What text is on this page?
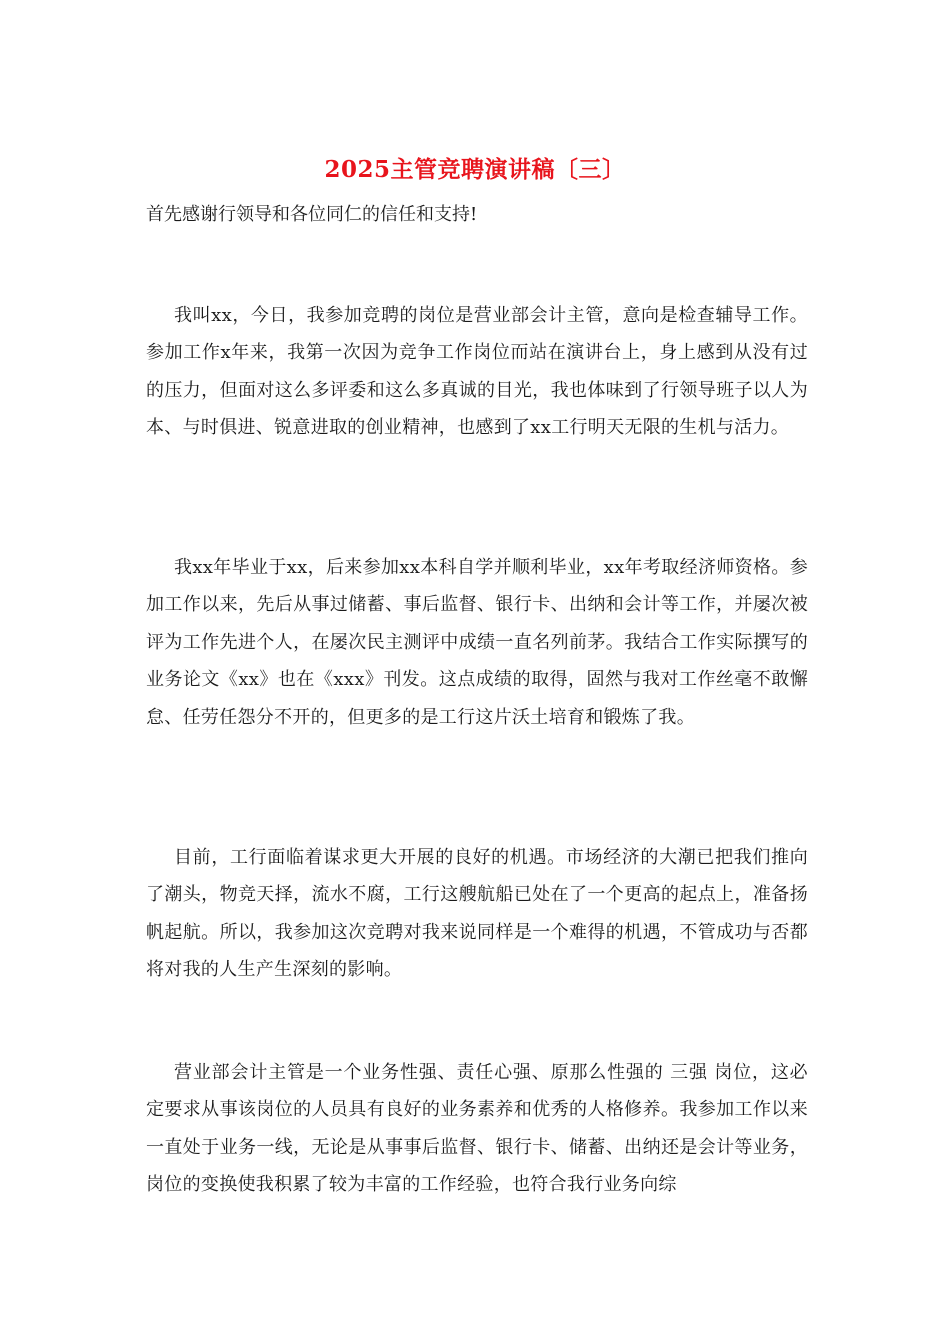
2025主管竞聘演讲稿〔三〕
首先感谢行领导和各位同仁的信任和支持!

我叫xx，今日，我参加竞聘的岗位是营业部会计主管，意向是检查辅导工作。参加工作x年来，我第一次因为竞争工作岗位而站在演讲台上，身上感到从没有过的压力，但面对这么多评委和这么多真诚的目光，我也体味到了行领导班子以人为本、与时俱进、锐意进取的创业精神，也感到了xx工行明天无限的生机与活力。

我xx年毕业于xx，后来参加xx本科自学并顺利毕业，xx年考取经济师资格。参加工作以来，先后从事过储蓄、事后监督、银行卡、出纳和会计等工作，并屡次被评为工作先进个人，在屡次民主测评中成绩一直名列前茅。我结合工作实际撰写的业务论文《xx》也在《xxx》刊发。这点成绩的取得，固然与我对工作丝毫不敢懈怠、任劳任怨分不开的，但更多的是工行这片沃土培育和锻炼了我。

目前，工行面临着谋求更大开展的良好的机遇。市场经济的大潮已把我们推向了潮头，物竞天择，流水不腐，工行这艘航船已处在了一个更高的起点上，准备扬帆起航。所以，我参加这次竞聘对我来说同样是一个难得的机遇，不管成功与否都将对我的人生产生深刻的影响。

营业部会计主管是一个业务性强、责任心强、原那么性强的 三强 岗位，这必定要求从事该岗位的人员具有良好的业务素养和优秀的人格修养。我参加工作以来一直处于业务一线，无论是从事事后监督、银行卡、储蓄、出纳还是会计等业务，岗位的变换使我积累了较为丰富的工作经验，也符合我行业务向综
